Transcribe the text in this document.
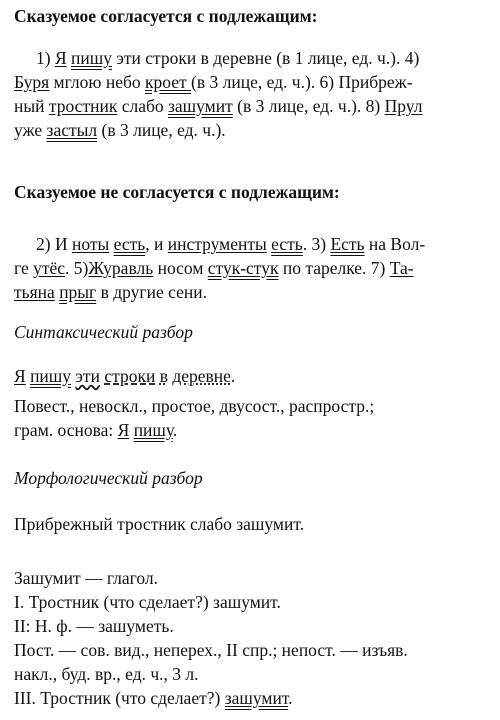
Сказуемое согласуется с подлежащим:
1) Я пишу эти строки в деревне (в 1 лице, ед. ч.). 4)
Буря мглою небо кроет (в 3 лице, ед. ч.). 6) Прибреж-
ный тростник слабо зашумит (в 3 лице, ед. ч.). 8) Прул
уже застыл (в 3 лице, ед. ч.).
Сказуемое не согласуется с подлежащим:
2) И ноты есть, и инструменты есть. 3) Есть на Вол-
ге утёс. 5)Журавль носом стук-стук по тарелке. 7) Та-
тьяна прыг в другие сени.
Синтаксический разбор
Я пишу эти строки в деревне.
Повест., невоскл., простое, двусост., распростр.;
грам. основа: Я пишу.
Морфологический разбор
Прибрежный тростник слабо зашумит.
Зашумит — глагол.
I. Тростник (что сделает?) зашумит.
II: Н. ф. — зашуметь.
Пост. — сов. вид., неперех., II спр.; непост. — изъяв.
накл., буд. вр., ед. ч., 3 л.
III. Тростник (что сделает?) зашумит.
